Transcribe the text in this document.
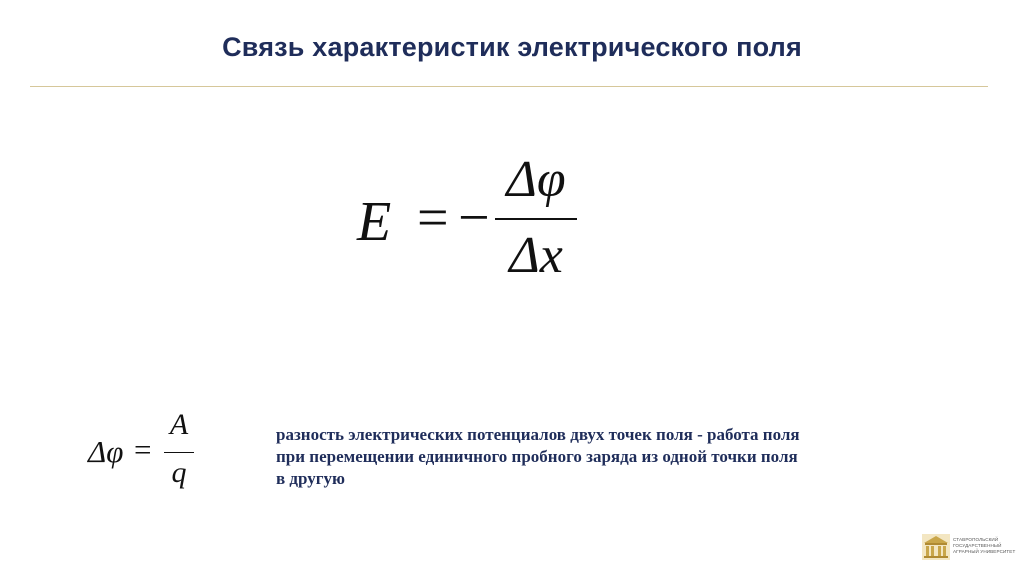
Связь характеристик электрического поля
E = −
Δφ
Δx
Δφ =
A
q
разность электрических потенциалов двух точек поля - работа поля
при перемещении единичного пробного заряда из одной точки поля
в другую
СТАВРОПОЛЬСКИЙ
ГОСУДАРСТВЕННЫЙ
АГРАРНЫЙ УНИВЕРСИТЕТ
